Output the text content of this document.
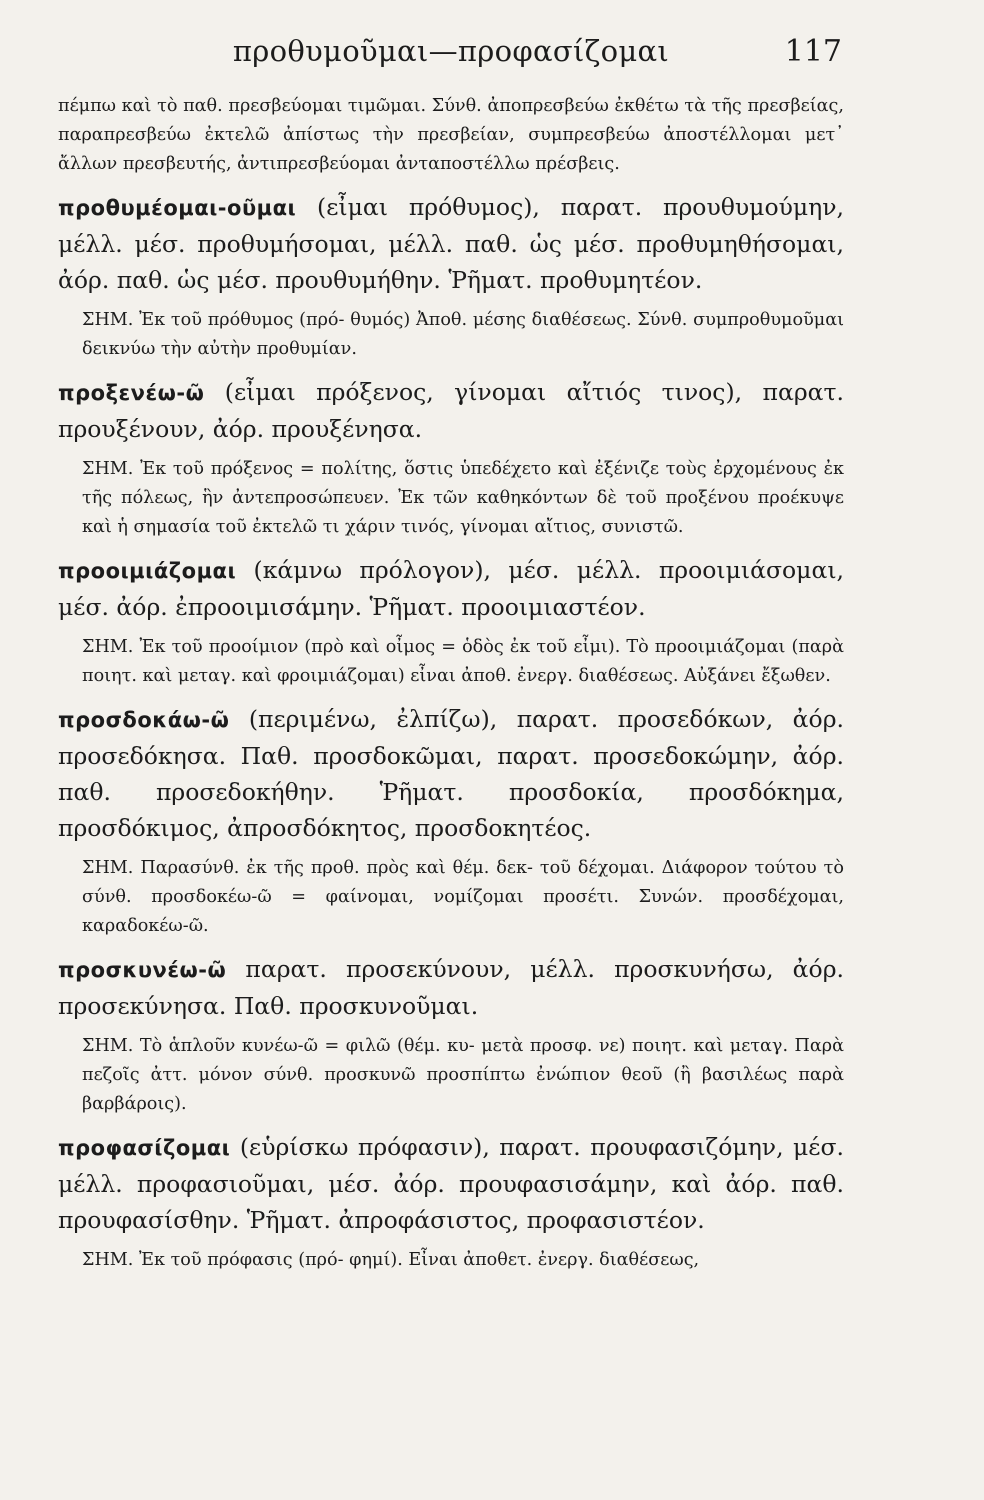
προθυμοῦμαι—προφασίζομαι	117

πέμπω καὶ τὸ παθ. πρεσβεύομαι τιμῶμαι. Σύνθ. ἀποπρεσβεύω ἐκθέτω τὰ τῆς πρεσβείας, παραπρεσβεύω ἐκτελῶ ἀπίστως τὴν πρεσβείαν, συμπρεσβεύω ἀποστέλλομαι μετ᾿ ἄλλων πρεσβευτής, ἀντιπρεσβεύομαι ἀνταποστέλλω πρέσβεις.

προθυμέομαι-οῦμαι (εἶμαι πρόθυμος), παρατ. προυθυμούμην, μέλλ. μέσ. προθυμήσομαι, μέλλ. παθ. ὡς μέσ. προθυμηθήσομαι, ἀόρ. παθ. ὡς μέσ. προυθυμήθην. Ῥῆματ. προθυμητέον.

ΣΗΜ. Ἐκ τοῦ πρόθυμος (πρό- θυμός) Ἀποθ. μέσης διαθέσεως. Σύνθ. συμπροθυμοῦμαι δεικνύω τὴν αὐτὴν προθυμίαν.

προξενέω-ῶ (εἶμαι πρόξενος, γίνομαι αἴτιός τινος), παρατ. προυξένουν, ἀόρ. προυξένησα.

ΣΗΜ. Ἐκ τοῦ πρόξενος = πολίτης, ὅστις ὑπεδέχετο καὶ ἐξένιζε τοὺς ἐρχομένους ἐκ τῆς πόλεως, ἣν ἀντεπροσώπευεν. Ἐκ τῶν καθηκόντων δὲ τοῦ προξένου προέκυψε καὶ ἡ σημασία τοῦ ἐκτελῶ τι χάριν τινός, γίνομαι αἴτιος, συνιστῶ.

προοιμιάζομαι (κάμνω πρόλογον), μέσ. μέλλ. προοιμιάσομαι, μέσ. ἀόρ. ἐπροοιμισάμην. Ῥῆματ. προοιμιαστέον.

ΣΗΜ. Ἐκ τοῦ προοίμιον (πρὸ καὶ οἶμος = ὁδὸς ἐκ τοῦ εἶμι). Τὸ προοιμιάζομαι (παρὰ ποιητ. καὶ μεταγ. καὶ φροιμιάζομαι) εἶναι ἀποθ. ἐνεργ. διαθέσεως. Αὐξάνει ἔξωθεν.

προσδοκάω-ῶ (περιμένω, ἐλπίζω), παρατ. προσεδόκων, ἀόρ. προσεδόκησα. Παθ. προσδοκῶμαι, παρατ. προσεδοκώμην, ἀόρ. παθ. προσεδοκήθην. Ῥῆματ. προσδοκία, προσδόκημα, προσδόκιμος, ἀπροσδόκητος, προσδοκητέος.

ΣΗΜ. Παρασύνθ. ἐκ τῆς προθ. πρὸς καὶ θέμ. δεκ- τοῦ δέχομαι. Διάφορον τούτου τὸ σύνθ. προσδοκέω-ῶ = φαίνομαι, νομίζομαι προσέτι. Συνών. προσδέχομαι, καραδοκέω-ῶ.

προσκυνέω-ῶ παρατ. προσεκύνουν, μέλλ. προσκυνήσω, ἀόρ. προσεκύνησα. Παθ. προσκυνοῦμαι.

ΣΗΜ. Τὸ ἁπλοῦν κυνέω-ῶ = φιλῶ (θέμ. κυ- μετὰ προσφ. νε) ποιητ. καὶ μεταγ. Παρὰ πεζοῖς ἀττ. μόνον σύνθ. προσκυνῶ προσπίπτω ἐνώπιον θεοῦ (ἢ βασιλέως παρὰ βαρβάροις).

προφασίζομαι (εὑρίσκω πρόφασιν), παρατ. προυφασιζόμην, μέσ. μέλλ. προφασιοῦμαι, μέσ. ἀόρ. προυφασισάμην, καὶ ἀόρ. παθ. προυφασίσθην. Ῥῆματ. ἀπροφάσιστος, προφασιστέον.

ΣΗΜ. Ἐκ τοῦ πρόφασις (πρό- φημί). Εἶναι ἀποθετ. ἐνεργ. διαθέσεως,
